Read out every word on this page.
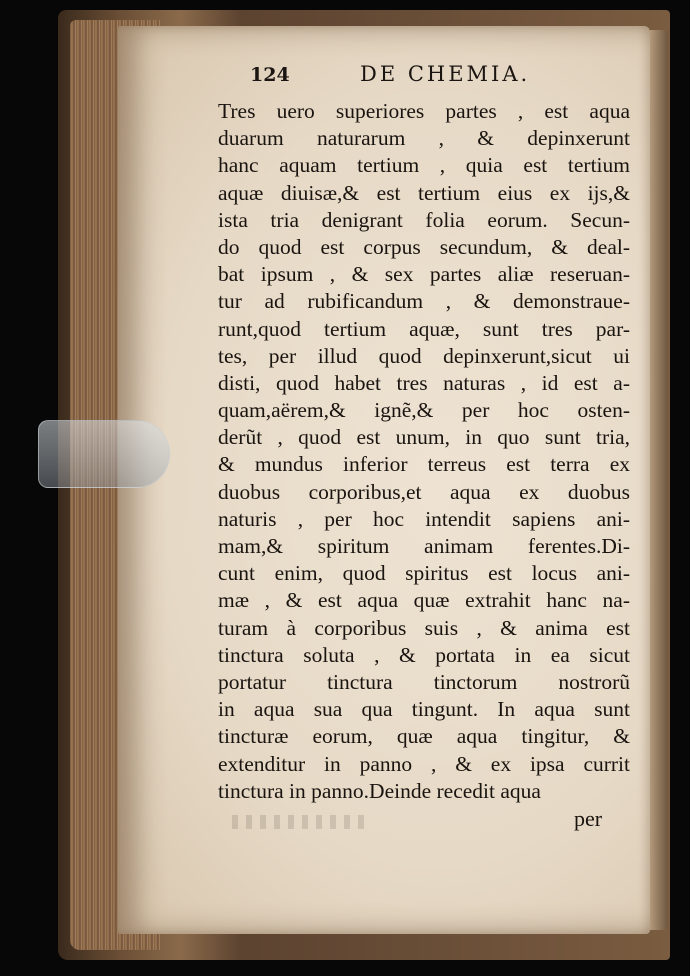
124	DE CHEMIA.
Tres uero superiores partes , est aqua
duarum naturarum , & depinxerunt
hanc aquam tertium , quia est tertium
aquæ diuisæ,& est tertium eius ex ijs,&
ista tria denigrant folia eorum. Secun-
do quod est corpus secundum, & deal-
bat ipsum , & sex partes aliæ reseruan-
tur ad rubificandum , & demonstraue-
runt,quod tertium aquæ, sunt tres par-
tes, per illud quod depinxerunt,sicut ui
disti, quod habet tres naturas , id est a-
quam,aërem,& ignẽ,& per hoc osten-
derũt , quod est unum, in quo sunt tria,
& mundus inferior terreus est terra ex
duobus corporibus,et aqua ex duobus
naturis , per hoc intendit sapiens ani-
mam,& spiritum animam ferentes.Di-
cunt enim, quod spiritus est locus ani-
mæ , & est aqua quæ extrahit hanc na-
turam à corporibus suis , & anima est
tinctura soluta , & portata in ea sicut
portatur tinctura tinctorum nostrorũ
in aqua sua qua tingunt. In aqua sunt
tincturæ eorum, quæ aqua tingitur, &
extenditur in panno , & ex ipsa currit
tinctura in panno.Deinde recedit aqua
per
